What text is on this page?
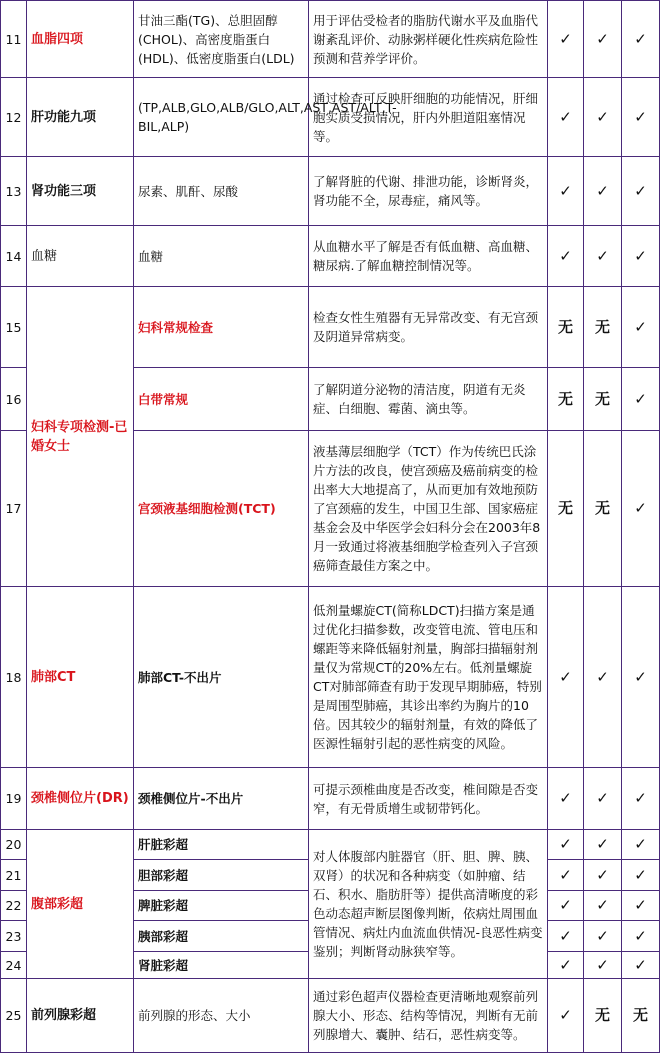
11	血脂四项	甘油三酯(TG)、总胆固醇(CHOL)、高密度脂蛋白(HDL)、低密度脂蛋白(LDL)	用于评估受检者的脂肪代谢水平及血脂代谢紊乱评价、动脉粥样硬化性疾病危险性预测和营养学评价。	✓	✓	✓
12	肝功能九项	(TP,ALB,GLO,ALB/GLO,ALT,AST,AST/ALT,T-BIL,ALP)	通过检查可反映肝细胞的功能情况，肝细胞实质受损情况，肝内外胆道阻塞情况等。	✓	✓	✓
13	肾功能三项	尿素、肌酐、尿酸	了解肾脏的代谢、排泄功能，诊断肾炎，肾功能不全，尿毒症，痛风等。	✓	✓	✓
14	血糖	血糖	从血糖水平了解是否有低血糖、高血糖、糖尿病.了解血糖控制情况等。	✓	✓	✓
15	妇科专项检测-已婚女士	妇科常规检查	检查女性生殖器有无异常改变、有无宫颈及阴道异常病变。	无	无	✓
16		白带常规	了解阴道分泌物的清洁度，阴道有无炎症、白细胞、霉菌、滴虫等。	无	无	✓
17		宫颈液基细胞检测(TCT)	液基薄层细胞学（TCT）作为传统巴氏涂片方法的改良，使宫颈癌及癌前病变的检出率大大地提高了，从而更加有效地预防了宫颈癌的发生，中国卫生部、国家癌症基金会及中华医学会妇科分会在2003年8月一致通过将液基细胞学检查列入子宫颈癌筛查最佳方案之中。	无	无	✓
18	肺部CT	肺部CT-不出片	低剂量螺旋CT(简称LDCT)扫描方案是通过优化扫描参数，改变管电流、管电压和螺距等来降低辐射剂量，胸部扫描辐射剂量仅为常规CT的20%左右。低剂量螺旋CT对肺部筛查有助于发现早期肺癌，特别是周围型肺癌，其诊出率约为胸片的10倍。因其较少的辐射剂量，有效的降低了医源性辐射引起的恶性病变的风险。	✓	✓	✓
19	颈椎侧位片(DR)	颈椎侧位片-不出片	可提示颈椎曲度是否改变，椎间隙是否变窄，有无骨质增生或韧带钙化。	✓	✓	✓
20	腹部彩超	肝脏彩超	对人体腹部内脏器官（肝、胆、脾、胰、双肾）的状况和各种病变（如肿瘤、结石、积水、脂肪肝等）提供高清晰度的彩色动态超声断层图像判断，依病灶周围血管情况、病灶内血流血供情况-良恶性病变鉴别；判断肾动脉狭窄等。	✓	✓	✓
21		胆部彩超		✓	✓	✓
22		脾脏彩超		✓	✓	✓
23		胰部彩超		✓	✓	✓
24		肾脏彩超		✓	✓	✓
25	前列腺彩超	前列腺的形态、大小	通过彩色超声仪器检查更清晰地观察前列腺大小、形态、结构等情况，判断有无前列腺增大、囊肿、结石，恶性病变等。	✓	无	无
